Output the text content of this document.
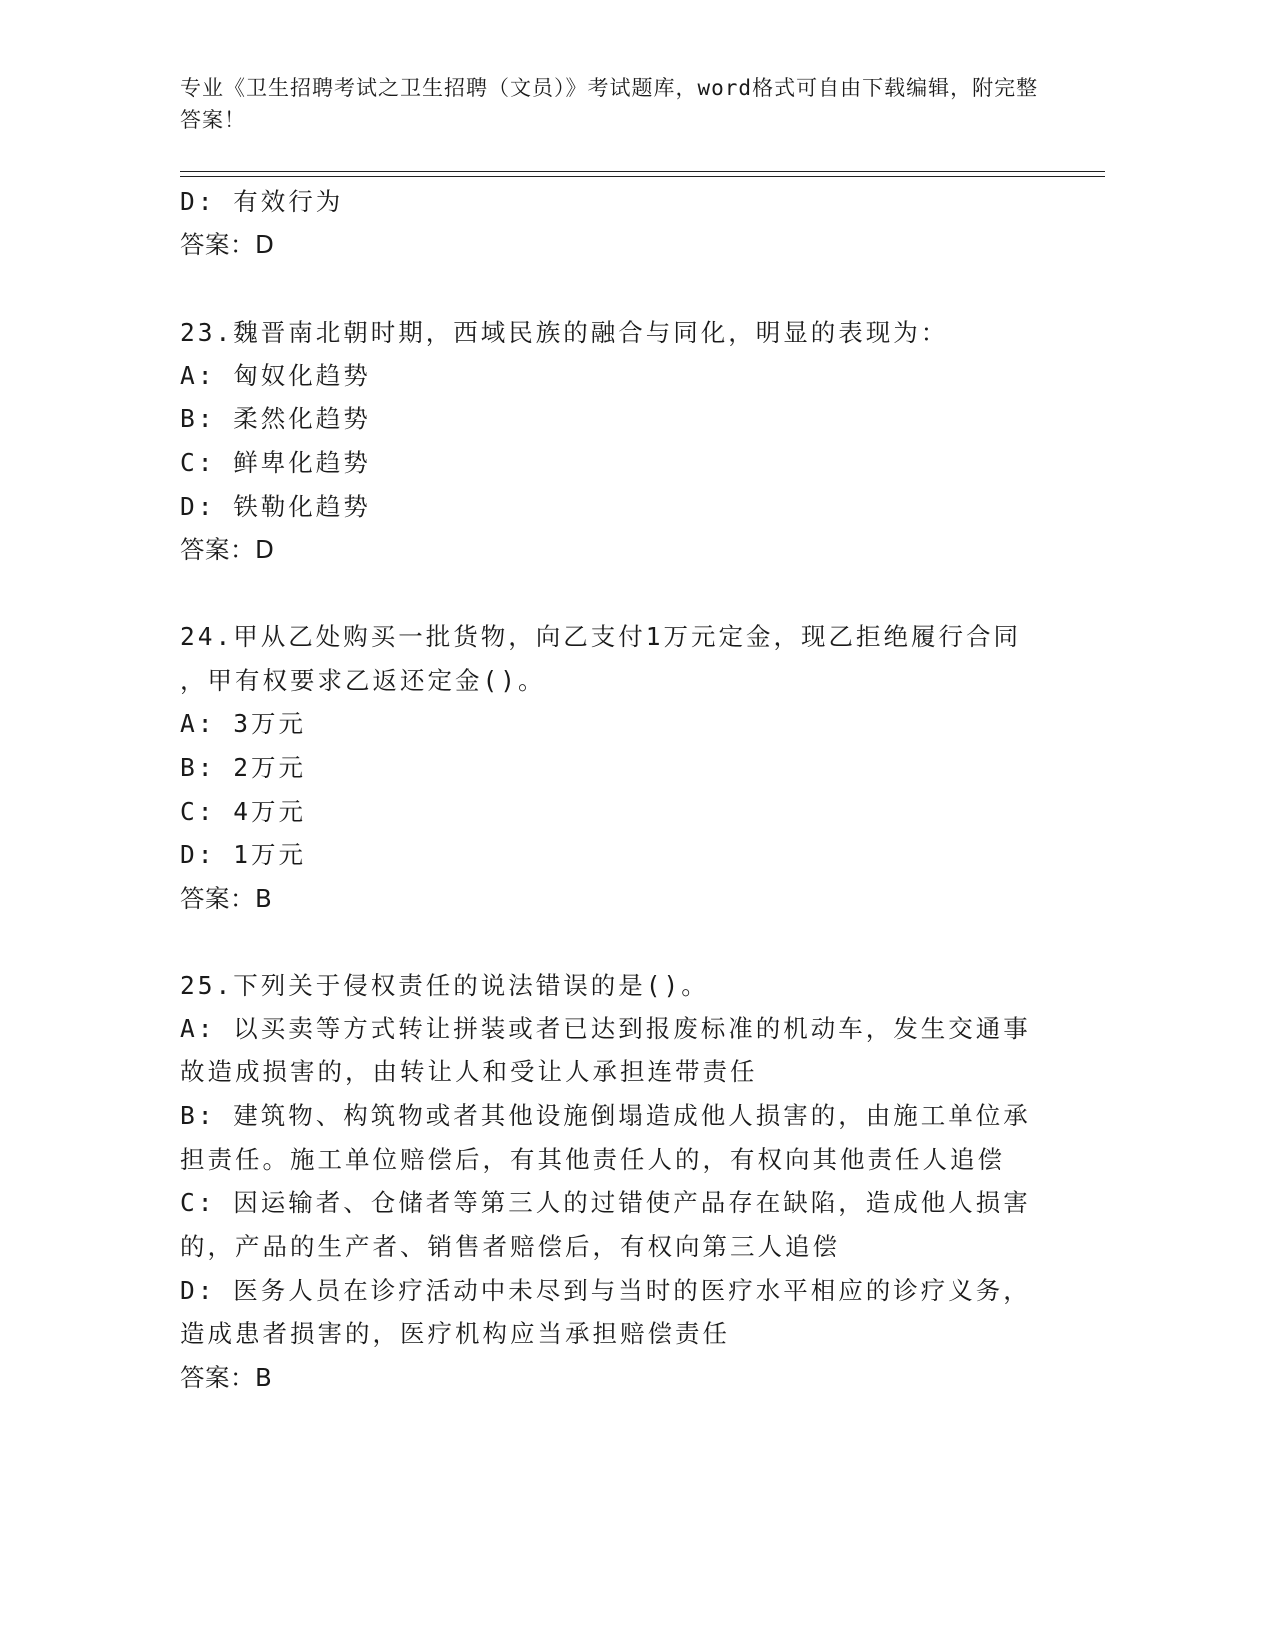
专业《卫生招聘考试之卫生招聘（文员）》考试题库，word格式可自由下载编辑，附完整答案！
D: 有效行为
答案：D
23.魏晋南北朝时期，西域民族的融合与同化，明显的表现为：
A: 匈奴化趋势
B: 柔然化趋势
C: 鲜卑化趋势
D: 铁勒化趋势
答案：D
24.甲从乙处购买一批货物，向乙支付1万元定金，现乙拒绝履行合同
，甲有权要求乙返还定金()。
A: 3万元
B: 2万元
C: 4万元
D: 1万元
答案：B
25.下列关于侵权责任的说法错误的是()。
A: 以买卖等方式转让拼装或者已达到报废标准的机动车，发生交通事
故造成损害的，由转让人和受让人承担连带责任
B: 建筑物、构筑物或者其他设施倒塌造成他人损害的，由施工单位承
担责任。施工单位赔偿后，有其他责任人的，有权向其他责任人追偿
C: 因运输者、仓储者等第三人的过错使产品存在缺陷，造成他人损害
的，产品的生产者、销售者赔偿后，有权向第三人追偿
D: 医务人员在诊疗活动中未尽到与当时的医疗水平相应的诊疗义务，
造成患者损害的，医疗机构应当承担赔偿责任
答案：B
